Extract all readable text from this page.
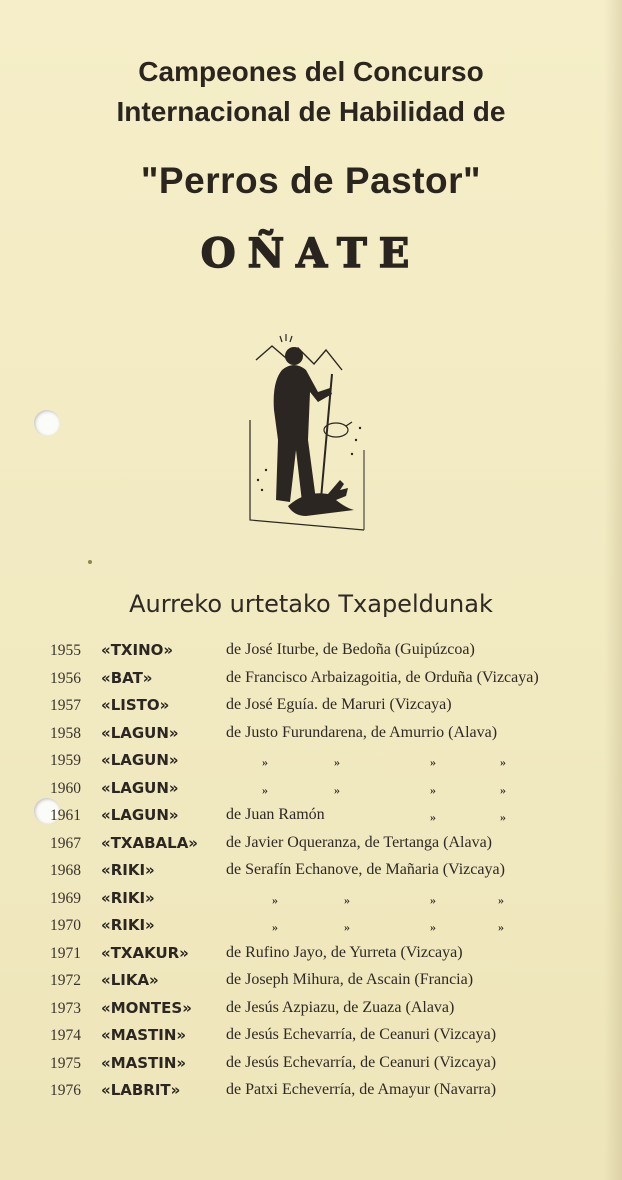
Campeones del Concurso
Internacional de Habilidad de
"Perros de Pastor"
OÑATE
Aurreko urtetako Txapeldunak
1955 «TXINO»	de José Iturbe, de Bedoña (Guipúzcoa)
1956 «BAT»	de Francisco Arbaizagoitia, de Orduña (Vizcaya)
1957 «LISTO»	de José Eguía. de Maruri (Vizcaya)
1958 «LAGUN»	de Justo Furundarena, de Amurrio (Alava)
1959 «LAGUN»	»	»	»	»
1960 «LAGUN»	»	»	»	»
1961 «LAGUN»	de Juan Ramón	»	»
1967 «TXABALA» de Javier Oqueranza, de Tertanga (Alava)
1968 «RIKI»	de Serafín Echanove, de Mañaria (Vizcaya)
1969 «RIKI»	»	»	»	»
1970 «RIKI»	»	»	»	»
1971 «TXAKUR» de Rufino Jayo, de Yurreta (Vizcaya)
1972 «LIKA»	de Joseph Mihura, de Ascain (Francia)
1973 «MONTES» de Jesús Azpiazu, de Zuaza (Alava)
1974 «MASTIN» de Jesús Echevarría, de Ceanuri (Vizcaya)
1975 «MASTIN» de Jesús Echevarría, de Ceanuri (Vizcaya)
1976 «LABRIT»	de Patxi Echeverría, de Amayur (Navarra)
